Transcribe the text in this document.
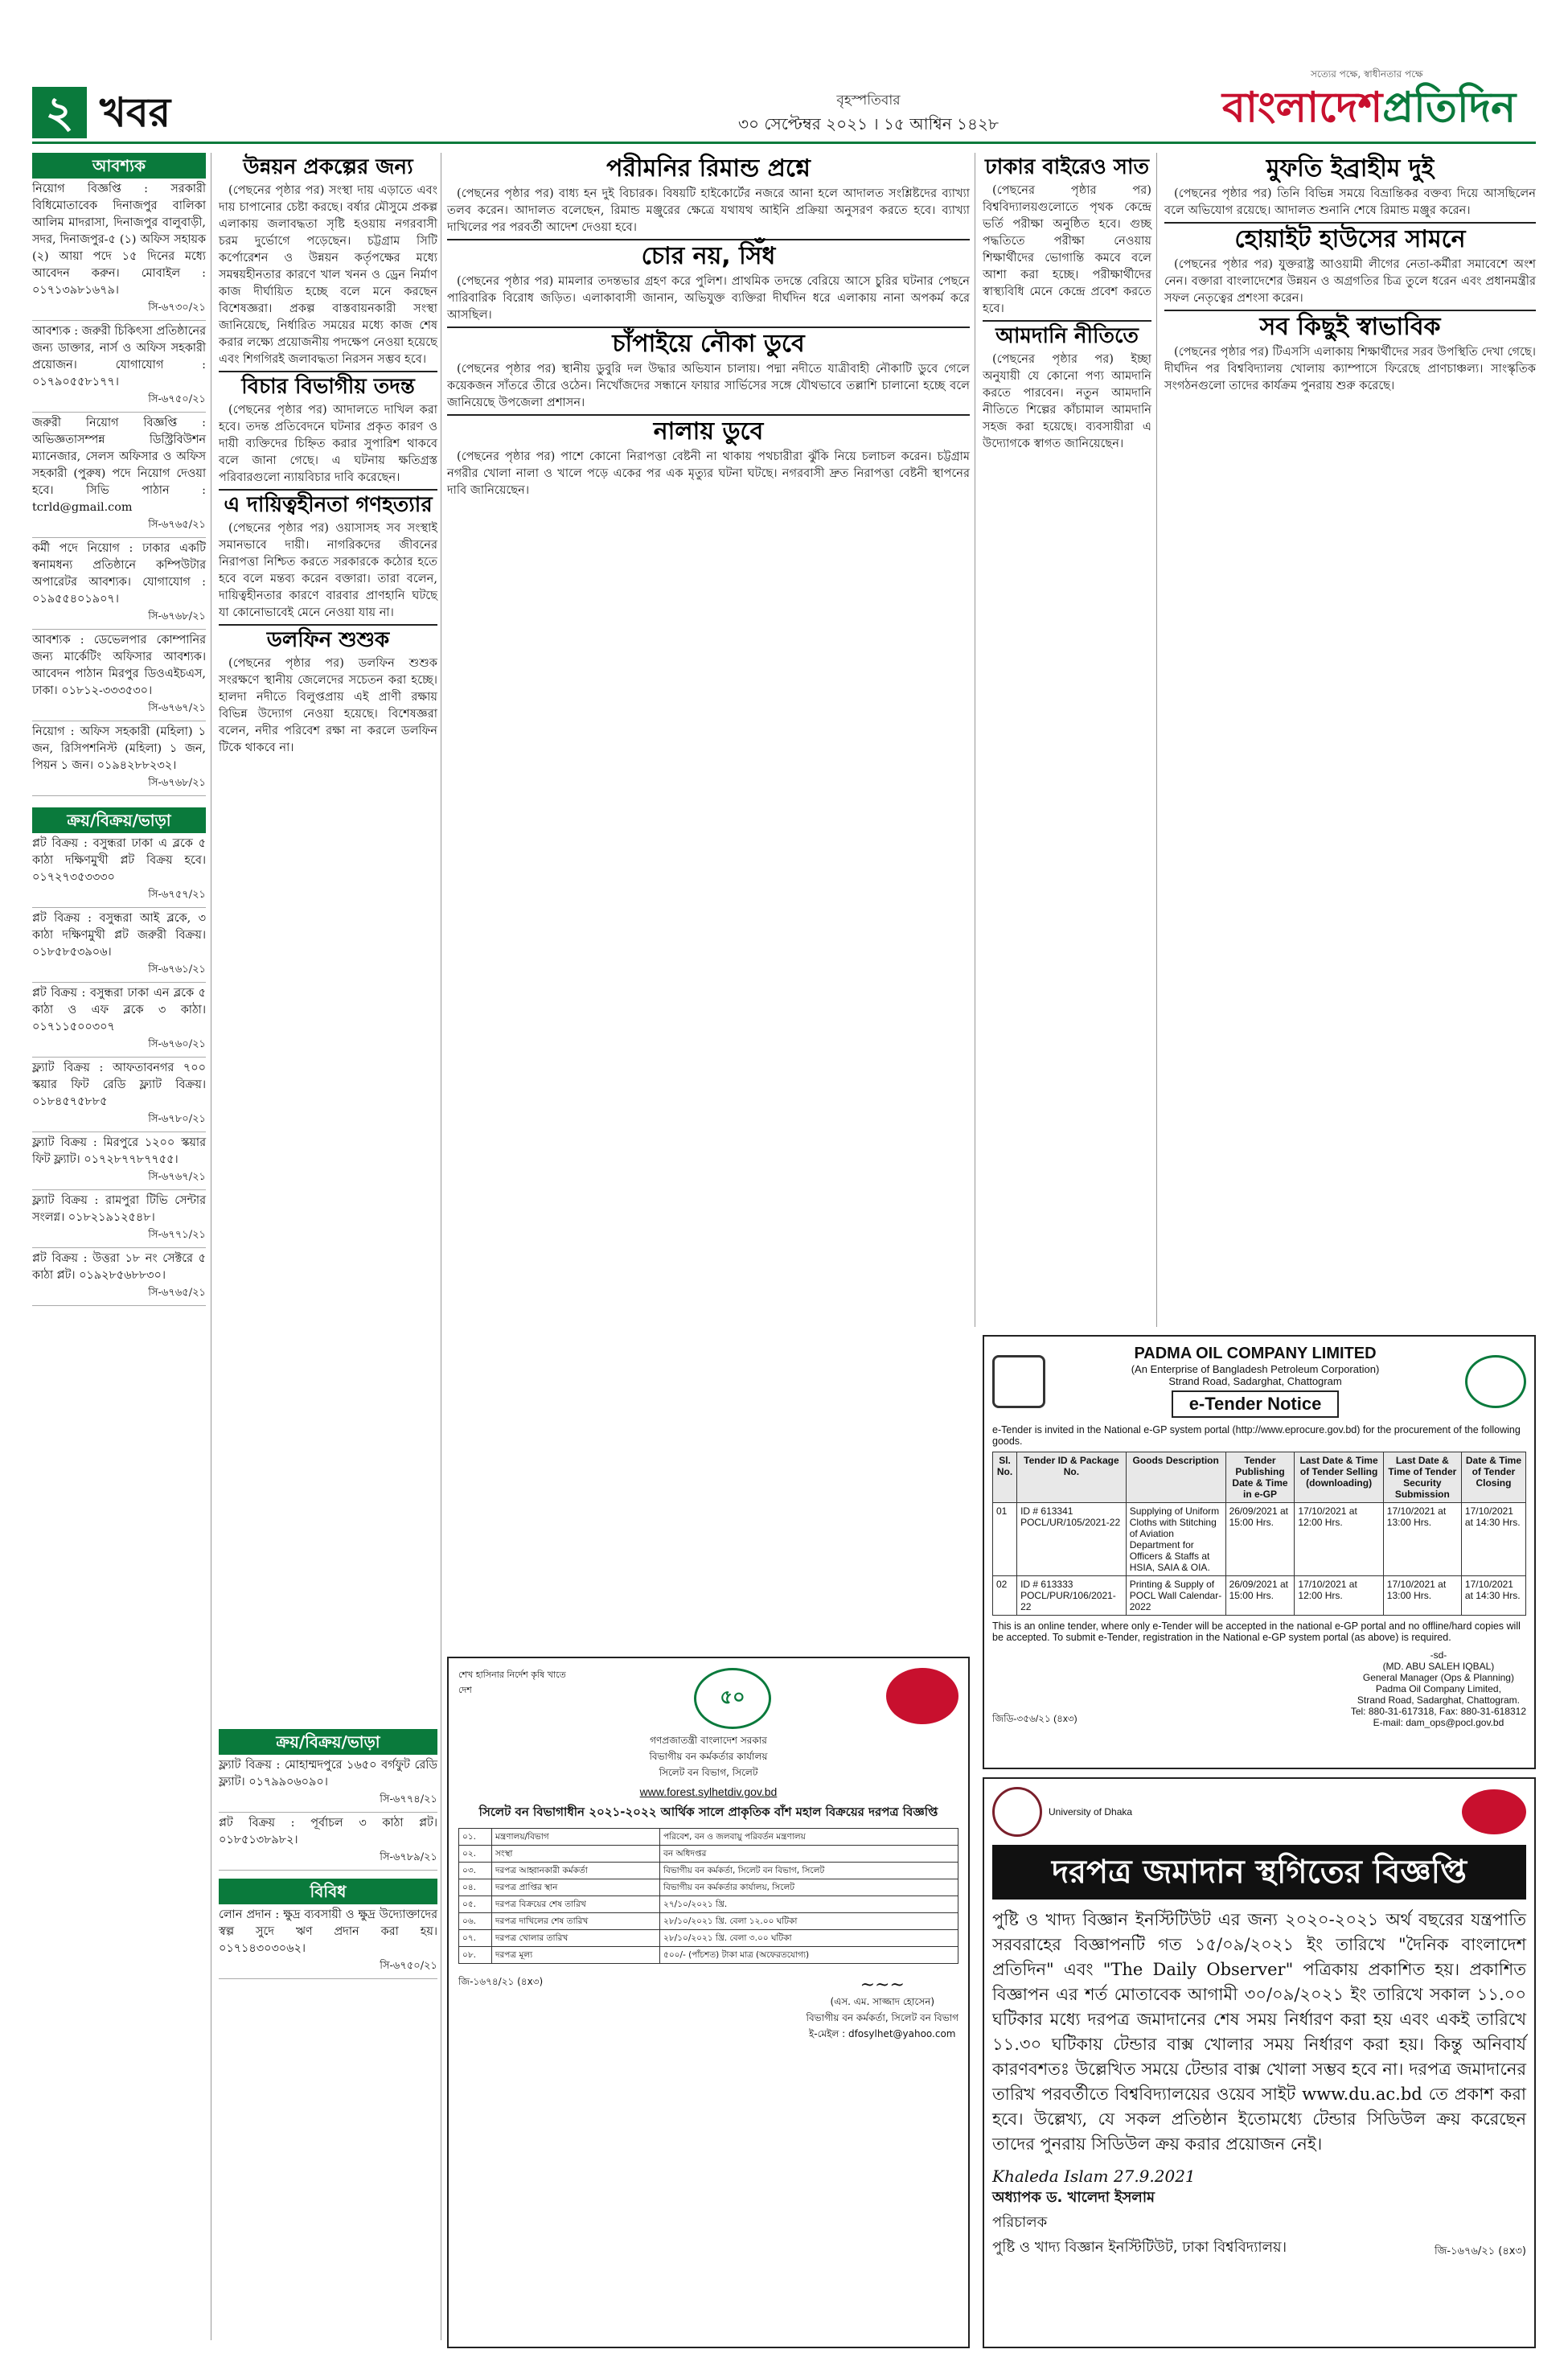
২ খবর	বৃহস্পতিবার
৩০ সেপ্টেম্বর ২০২১ । ১৫ আশ্বিন ১৪২৮
সত্যের পক্ষে, স্বাধীনতার পক্ষে
বাংলাদেশপ্রতিদিন
আবশ্যক

নিয়োগ বিজ্ঞপ্তি : সরকারী বিধিমোতাবেক দিনাজপুর বালিকা আলিম মাদরাসা, দিনাজপুর বালুবাড়ী, সদর, দিনাজপুর-৫ (১) অফিস সহায়ক (২) আয়া পদে ১৫ দিনের মধ্যে আবেদন করুন। মোবাইল : ০১৭১৩৯৮১৬৭৯।
সি-৬৭৩০/২১

আবশ্যক : জরুরী চিকিৎসা প্রতিষ্ঠানের জন্য ডাক্তার, নার্স ও অফিস সহকারী প্রয়োজন। যোগাযোগ : ০১৭৯০৫৫৮১৭৭।
সি-৬৭৫০/২১

জরুরী নিয়োগ বিজ্ঞপ্তি : অভিজ্ঞতাসম্পন্ন ডিস্ট্রিবিউশন ম্যানেজার, সেলস অফিসার ও অফিস সহকারী (পুরুষ) পদে নিয়োগ দেওয়া হবে। সিভি পাঠান : tcrld@gmail.com
সি-৬৭৬৫/২১

কর্মী পদে নিয়োগ : ঢাকার একটি স্বনামধন্য প্রতিষ্ঠানে কম্পিউটার অপারেটর আবশ্যক। যোগাযোগ : ০১৯৫৫৪০১৯০৭।
সি-৬৭৬৮/২১

আবশ্যক : ডেভেলপার কোম্পানির জন্য মার্কেটিং অফিসার আবশ্যক। আবেদন পাঠান মিরপুর ডিওএইচএস, ঢাকা। ০১৮১২-৩৩৩৫৩০।
সি-৬৭৬৭/২১

নিয়োগ : অফিস সহকারী (মহিলা) ১ জন, রিসিপশনিস্ট (মহিলা) ১ জন, পিয়ন ১ জন। ০১৯৪২৮৮২৩২।
সি-৬৭৬৮/২১

ক্রয়/বিক্রয়/ভাড়া

প্লট বিক্রয় : বসুন্ধরা ঢাকা এ ব্লকে ৫ কাঠা দক্ষিণমুখী প্লট বিক্রয় হবে। ০১৭২৭৩৫৩৩৩০
সি-৬৭৫৭/২১

প্লট বিক্রয় : বসুন্ধরা আই ব্লকে, ৩ কাঠা দক্ষিণমুখী প্লট জরুরী বিক্রয়। ০১৮৫৮৫৩৯০৬।
সি-৬৭৬১/২১

প্লট বিক্রয় : বসুন্ধরা ঢাকা এন ব্লকে ৫ কাঠা ও এফ ব্লকে ৩ কাঠা। ০১৭১১৫০০৩০৭
সি-৬৭৬০/২১

ফ্ল্যাট বিক্রয় : আফতাবনগর ৭০০ স্কয়ার ফিট রেডি ফ্ল্যাট বিক্রয়। ০১৮৪৫৭৫৮৮৫
সি-৬৭৮০/২১

ফ্ল্যাট বিক্রয় : মিরপুরে ১২০০ স্কয়ার ফিট ফ্ল্যাট। ০১৭২৮৭৭৮৭৭৫৫।
সি-৬৭৬৭/২১

ফ্ল্যাট বিক্রয় : রামপুরা টিভি সেন্টার সংলগ্ন। ০১৮২১৯১২৫৪৮।
সি-৬৭৭১/২১

প্লট বিক্রয় : উত্তরা ১৮ নং সেক্টরে ৫ কাঠা প্লট। ০১৯২৮৫৬৮৮৩০।
সি-৬৭৬৫/২১

উন্নয়ন প্রকল্পের জন্য

(পেছনের পৃষ্ঠার পর) সংস্থা দায় এড়াতে এবং দায় চাপানোর চেষ্টা করছে। বর্ষার মৌসুমে প্রকল্প এলাকায় জলাবদ্ধতা সৃষ্টি হওয়ায় নগরবাসী চরম দুর্ভোগে পড়েছেন। চট্টগ্রাম সিটি কর্পোরেশন ও উন্নয়ন কর্তৃপক্ষের মধ্যে সমন্বয়হীনতার কারণে খাল খনন ও ড্রেন নির্মাণ কাজ দীর্ঘায়িত হচ্ছে বলে মনে করছেন বিশেষজ্ঞরা। প্রকল্প বাস্তবায়নকারী সংস্থা জানিয়েছে, নির্ধারিত সময়ের মধ্যে কাজ শেষ করার লক্ষ্যে প্রয়োজনীয় পদক্ষেপ নেওয়া হয়েছে এবং শিগগিরই জলাবদ্ধতা নিরসন সম্ভব হবে।

বিচার বিভাগীয় তদন্ত

(পেছনের পৃষ্ঠার পর) আদালতে দাখিল করা হবে। তদন্ত প্রতিবেদনে ঘটনার প্রকৃত কারণ ও দায়ী ব্যক্তিদের চিহ্নিত করার সুপারিশ থাকবে বলে জানা গেছে। এ ঘটনায় ক্ষতিগ্রস্ত পরিবারগুলো ন্যায়বিচার দাবি করেছেন।

এ দায়িত্বহীনতা গণহত্যার

(পেছনের পৃষ্ঠার পর) ওয়াসাসহ সব সংস্থাই সমানভাবে দায়ী। নাগরিকদের জীবনের নিরাপত্তা নিশ্চিত করতে সরকারকে কঠোর হতে হবে বলে মন্তব্য করেন বক্তারা। তারা বলেন, দায়িত্বহীনতার কারণে বারবার প্রাণহানি ঘটছে যা কোনোভাবেই মেনে নেওয়া যায় না।

ডলফিন শুশুক

(পেছনের পৃষ্ঠার পর) ডলফিন শুশুক সংরক্ষণে স্থানীয় জেলেদের সচেতন করা হচ্ছে। হালদা নদীতে বিলুপ্তপ্রায় এই প্রাণী রক্ষায় বিভিন্ন উদ্যোগ নেওয়া হয়েছে। বিশেষজ্ঞরা বলেন, নদীর পরিবেশ রক্ষা না করলে ডলফিন টিকে থাকবে না।

ক্রয়/বিক্রয়/ভাড়া

ফ্ল্যাট বিক্রয় : মোহাম্মদপুরে ১৬৫০ বর্গফুট রেডি ফ্ল্যাট। ০১৭৯৯০৬০৯০।
সি-৬৭৭৪/২১

প্লট বিক্রয় : পূর্বাচল ৩ কাঠা প্লট। ০১৮৫১৩৮৯৮২।
সি-৬৭৮৯/২১

বিবিধ

লোন প্রদান : ক্ষুদ্র ব্যবসায়ী ও ক্ষুদ্র উদ্যোক্তাদের স্বল্প সুদে ঋণ প্রদান করা হয়। ০১৭১৪৩০৩০৬২।
সি-৬৭৫০/২১

পরীমনির রিমান্ড প্রশ্নে

(পেছনের পৃষ্ঠার পর) বাধ্য হন দুই বিচারক। বিষয়টি হাইকোর্টের নজরে আনা হলে আদালত সংশ্লিষ্টদের ব্যাখ্যা তলব করেন। আদালত বলেছেন, রিমান্ড মঞ্জুরের ক্ষেত্রে যথাযথ আইনি প্রক্রিয়া অনুসরণ করতে হবে। ব্যাখ্যা দাখিলের পর পরবর্তী আদেশ দেওয়া হবে।

চোর নয়, সিঁধ

(পেছনের পৃষ্ঠার পর) মামলার তদন্তভার গ্রহণ করে পুলিশ। প্রাথমিক তদন্তে বেরিয়ে আসে চুরির ঘটনার পেছনে পারিবারিক বিরোধ জড়িত। এলাকাবাসী জানান, অভিযুক্ত ব্যক্তিরা দীর্ঘদিন ধরে এলাকায় নানা অপকর্ম করে আসছিল।

চাঁপাইয়ে নৌকা ডুবে

(পেছনের পৃষ্ঠার পর) স্থানীয় ডুবুরি দল উদ্ধার অভিযান চালায়। পদ্মা নদীতে যাত্রীবাহী নৌকাটি ডুবে গেলে কয়েকজন সাঁতরে তীরে ওঠেন। নিখোঁজদের সন্ধানে ফায়ার সার্ভিসের সঙ্গে যৌথভাবে তল্লাশি চালানো হচ্ছে বলে জানিয়েছে উপজেলা প্রশাসন।

নালায় ডুবে

(পেছনের পৃষ্ঠার পর) পাশে কোনো নিরাপত্তা বেষ্টনী না থাকায় পথচারীরা ঝুঁকি নিয়ে চলাচল করেন। চট্টগ্রাম নগরীর খোলা নালা ও খালে পড়ে একের পর এক মৃত্যুর ঘটনা ঘটছে। নগরবাসী দ্রুত নিরাপত্তা বেষ্টনী স্থাপনের দাবি জানিয়েছেন।

ঢাকার বাইরেও সাত

(পেছনের পৃষ্ঠার পর) বিশ্ববিদ্যালয়গুলোতে পৃথক কেন্দ্রে ভর্তি পরীক্ষা অনুষ্ঠিত হবে। গুচ্ছ পদ্ধতিতে পরীক্ষা নেওয়ায় শিক্ষার্থীদের ভোগান্তি কমবে বলে আশা করা হচ্ছে। পরীক্ষার্থীদের স্বাস্থ্যবিধি মেনে কেন্দ্রে প্রবেশ করতে হবে।

আমদানি নীতিতে

(পেছনের পৃষ্ঠার পর) ইচ্ছা অনুযায়ী যে কোনো পণ্য আমদানি করতে পারবেন। নতুন আমদানি নীতিতে শিল্পের কাঁচামাল আমদানি সহজ করা হয়েছে। ব্যবসায়ীরা এ উদ্যোগকে স্বাগত জানিয়েছেন।

মুফতি ইব্রাহীম দুই

(পেছনের পৃষ্ঠার পর) তিনি বিভিন্ন সময়ে বিভ্রান্তিকর বক্তব্য দিয়ে আসছিলেন বলে অভিযোগ রয়েছে। আদালত শুনানি শেষে রিমান্ড মঞ্জুর করেন।

হোয়াইট হাউসের সামনে

(পেছনের পৃষ্ঠার পর) যুক্তরাষ্ট্র আওয়ামী লীগের নেতা-কর্মীরা সমাবেশে অংশ নেন। বক্তারা বাংলাদেশের উন্নয়ন ও অগ্রগতির চিত্র তুলে ধরেন এবং প্রধানমন্ত্রীর সফল নেতৃত্বের প্রশংসা করেন।

সব কিছুই স্বাভাবিক

(পেছনের পৃষ্ঠার পর) টিএসসি এলাকায় শিক্ষার্থীদের সরব উপস্থিতি দেখা গেছে। দীর্ঘদিন পর বিশ্ববিদ্যালয় খোলায় ক্যাম্পাসে ফিরেছে প্রাণচাঞ্চল্য। সাংস্কৃতিক সংগঠনগুলো তাদের কার্যক্রম পুনরায় শুরু করেছে।

শেখ হাসিনার নির্দেশ কৃষি খাতে দেশ	৫০
গণপ্রজাতন্ত্রী বাংলাদেশ সরকার
বিভাগীয় বন কর্মকর্তার কার্যালয়
সিলেট বন বিভাগ, সিলেট
www.forest.sylhetdiv.gov.bd
সিলেট বন বিভাগাধীন ২০২১-২০২২ আর্থিক সালে প্রাকৃতিক বাঁশ মহাল বিক্রয়ের দরপত্র বিজ্ঞপ্তি
০১.	মন্ত্রণালয়/বিভাগ	পরিবেশ, বন ও জলবায়ু পরিবর্তন মন্ত্রণালয়
০২.	সংস্থা	বন অধিদপ্তর
০৩.	দরপত্র আহ্বানকারী কর্মকর্তা	বিভাগীয় বন কর্মকর্তা, সিলেট বন বিভাগ, সিলেট
০৪.	দরপত্র প্রাপ্তির স্থান	বিভাগীয় বন কর্মকর্তার কার্যালয়, সিলেট
০৫.	দরপত্র বিক্রয়ের শেষ তারিখ	২৭/১০/২০২১ খ্রি.
০৬.	দরপত্র দাখিলের শেষ তারিখ	২৮/১০/২০২১ খ্রি. বেলা ১২.০০ ঘটিকা
০৭.	দরপত্র খোলার তারিখ	২৮/১০/২০২১ খ্রি. বেলা ৩.০০ ঘটিকা
০৮.	দরপত্র মূল্য	৫০০/- (পাঁচশত) টাকা মাত্র (অফেরতযোগ্য)
জি-১৬৭৪/২১ (৪x৩)	~~~
(এস. এম. সাজ্জাদ হোসেন)
বিভাগীয় বন কর্মকর্তা, সিলেট বন বিভাগ
ই-মেইল : dfosylhet@yahoo.com
PADMA OIL COMPANY LIMITED
(An Enterprise of Bangladesh Petroleum Corporation)
Strand Road, Sadarghat, Chattogram
e-Tender Notice
e-Tender is invited in the National e-GP system portal (http://www.eprocure.gov.bd) for the procurement of the following goods.
Sl. No.	Tender ID & Package No.	Goods Description	Tender Publishing Date & Time in e-GP	Last Date & Time of Tender Selling (downloading)	Last Date & Time of Tender Security Submission	Date & Time of Tender Closing
01	ID # 613341 POCL/UR/105/2021-22	Supplying of Uniform Cloths with Stitching of Aviation Department for Officers & Staffs at HSIA, SAIA & OIA.	26/09/2021 at 15:00 Hrs.	17/10/2021 at 12:00 Hrs.	17/10/2021 at 13:00 Hrs.	17/10/2021 at 14:30 Hrs.
02	ID # 613333 POCL/PUR/106/2021-22	Printing & Supply of POCL Wall Calendar-2022	26/09/2021 at 15:00 Hrs.	17/10/2021 at 12:00 Hrs.	17/10/2021 at 13:00 Hrs.	17/10/2021 at 14:30 Hrs.
This is an online tender, where only e-Tender will be accepted in the national e-GP portal and no offline/hard copies will be accepted. To submit e-Tender, registration in the National e-GP system portal (as above) is required.
জিডি-৩৫৬/২১ (৪x৩)
-sd-
(MD. ABU SALEH IQBAL)
General Manager (Ops & Planning)
Padma Oil Company Limited,
Strand Road, Sadarghat, Chattogram.
Tel: 880-31-617318, Fax: 880-31-618312
E-mail: dam_ops@pocl.gov.bd
University of Dhaka
দরপত্র জমাদান স্থগিতের বিজ্ঞপ্তি
পুষ্টি ও খাদ্য বিজ্ঞান ইনস্টিটিউট এর জন্য ২০২০-২০২১ অর্থ বছরের যন্ত্রপাতি সরবরাহের বিজ্ঞাপনটি গত ১৫/০৯/২০২১ ইং তারিখে "দৈনিক বাংলাদেশ প্রতিদিন" এবং "The Daily Observer" পত্রিকায় প্রকাশিত হয়। প্রকাশিত বিজ্ঞাপন এর শর্ত মোতাবেক আগামী ৩০/০৯/২০২১ ইং তারিখে সকাল ১১.০০ ঘটিকার মধ্যে দরপত্র জমাদানের শেষ সময় নির্ধারণ করা হয় এবং একই তারিখে ১১.৩০ ঘটিকায় টেন্ডার বাক্স খোলার সময় নির্ধারণ করা হয়। কিন্তু অনিবার্য কারণবশতঃ উল্লেখিত সময়ে টেন্ডার বাক্স খোলা সম্ভব হবে না। দরপত্র জমাদানের তারিখ পরবর্তীতে বিশ্ববিদ্যালয়ের ওয়েব সাইট www.du.ac.bd তে প্রকাশ করা হবে। উল্লেখ্য, যে সকল প্রতিষ্ঠান ইতোমধ্যে টেন্ডার সিডিউল ক্রয় করেছেন তাদের পুনরায় সিডিউল ক্রয় করার প্রয়োজন নেই।
Khaleda Islam 27.9.2021
অধ্যাপক ড. খালেদা ইসলাম
পরিচালক
পুষ্টি ও খাদ্য বিজ্ঞান ইনস্টিটিউট, ঢাকা বিশ্ববিদ্যালয়।	জি-১৬৭৬/২১ (৪x৩)
